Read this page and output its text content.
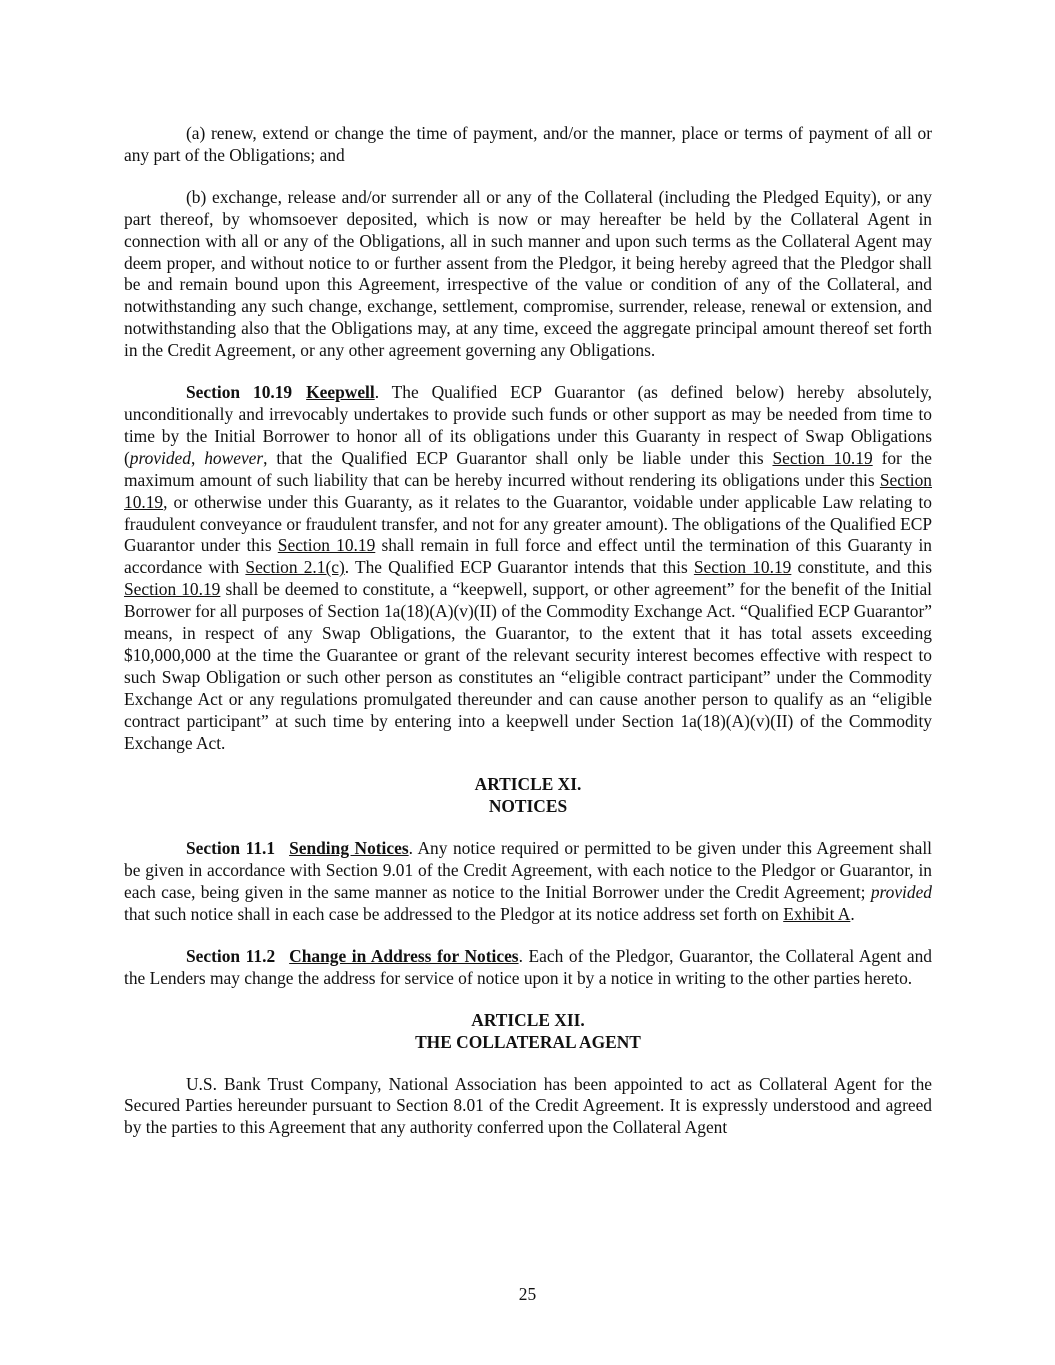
(a) renew, extend or change the time of payment, and/or the manner, place or terms of payment of all or any part of the Obligations; and

(b) exchange, release and/or surrender all or any of the Collateral (including the Pledged Equity), or any part thereof, by whomsoever deposited, which is now or may hereafter be held by the Collateral Agent in connection with all or any of the Obligations, all in such manner and upon such terms as the Collateral Agent may deem proper, and without notice to or further assent from the Pledgor, it being hereby agreed that the Pledgor shall be and remain bound upon this Agreement, irrespective of the value or condition of any of the Collateral, and notwithstanding any such change, exchange, settlement, compromise, surrender, release, renewal or extension, and notwithstanding also that the Obligations may, at any time, exceed the aggregate principal amount thereof set forth in the Credit Agreement, or any other agreement governing any Obligations.

Section 10.19 Keepwell. The Qualified ECP Guarantor (as defined below) hereby absolutely, unconditionally and irrevocably undertakes to provide such funds or other support as may be needed from time to time by the Initial Borrower to honor all of its obligations under this Guaranty in respect of Swap Obligations (provided, however, that the Qualified ECP Guarantor shall only be liable under this Section 10.19 for the maximum amount of such liability that can be hereby incurred without rendering its obligations under this Section 10.19, or otherwise under this Guaranty, as it relates to the Guarantor, voidable under applicable Law relating to fraudulent conveyance or fraudulent transfer, and not for any greater amount). The obligations of the Qualified ECP Guarantor under this Section 10.19 shall remain in full force and effect until the termination of this Guaranty in accordance with Section 2.1(c). The Qualified ECP Guarantor intends that this Section 10.19 constitute, and this Section 10.19 shall be deemed to constitute, a “keepwell, support, or other agreement” for the benefit of the Initial Borrower for all purposes of Section 1a(18)(A)(v)(II) of the Commodity Exchange Act. “Qualified ECP Guarantor” means, in respect of any Swap Obligations, the Guarantor, to the extent that it has total assets exceeding $10,000,000 at the time the Guarantee or grant of the relevant security interest becomes effective with respect to such Swap Obligation or such other person as constitutes an “eligible contract participant” under the Commodity Exchange Act or any regulations promulgated thereunder and can cause another person to qualify as an “eligible contract participant” at such time by entering into a keepwell under Section 1a(18)(A)(v)(II) of the Commodity Exchange Act.

ARTICLE XI.
NOTICES

Section 11.1 Sending Notices. Any notice required or permitted to be given under this Agreement shall be given in accordance with Section 9.01 of the Credit Agreement, with each notice to the Pledgor or Guarantor, in each case, being given in the same manner as notice to the Initial Borrower under the Credit Agreement; provided that such notice shall in each case be addressed to the Pledgor at its notice address set forth on Exhibit A.

Section 11.2 Change in Address for Notices. Each of the Pledgor, Guarantor, the Collateral Agent and the Lenders may change the address for service of notice upon it by a notice in writing to the other parties hereto.

ARTICLE XII.
THE COLLATERAL AGENT

U.S. Bank Trust Company, National Association has been appointed to act as Collateral Agent for the Secured Parties hereunder pursuant to Section 8.01 of the Credit Agreement. It is expressly understood and agreed by the parties to this Agreement that any authority conferred upon the Collateral Agent

25
